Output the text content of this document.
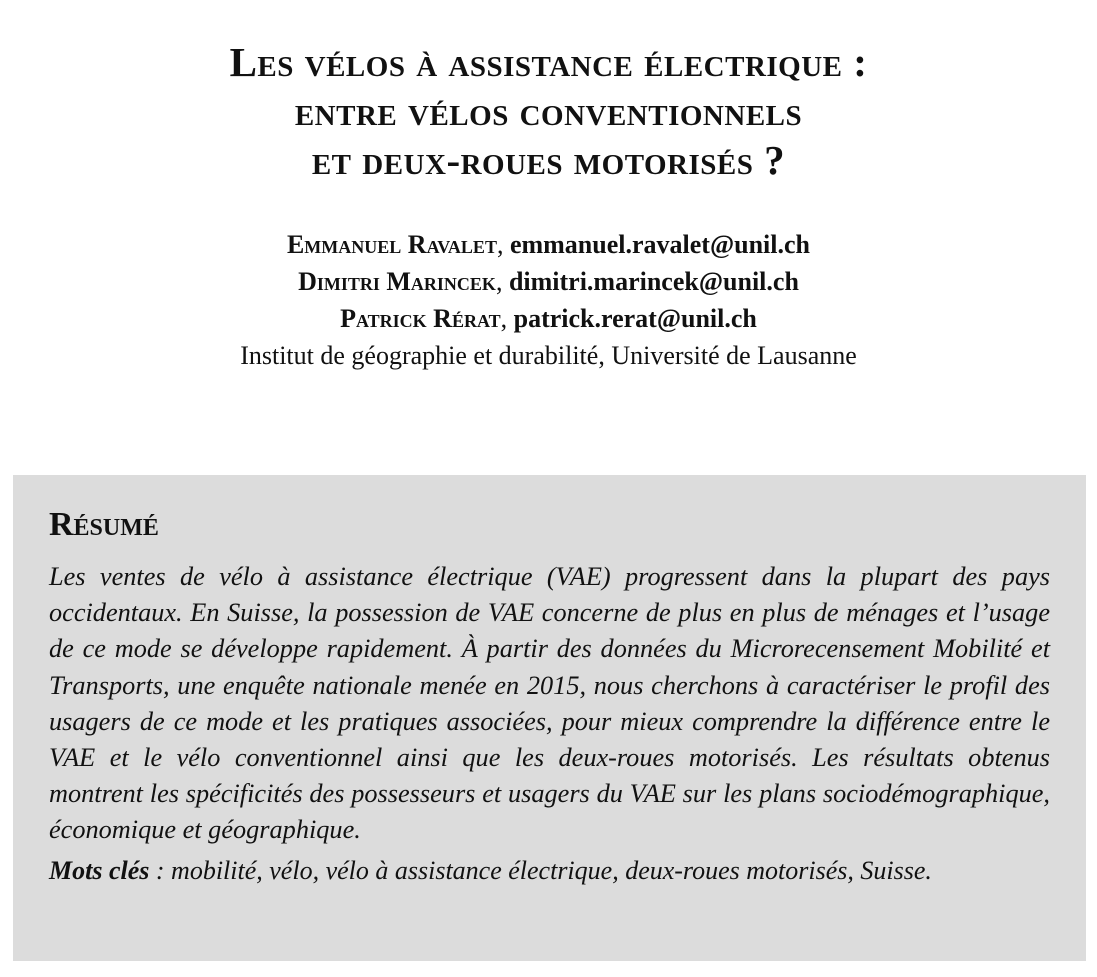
Les vélos à assistance électrique :
entre vélos conventionnels
et deux-roues motorisés ?
Emmanuel Ravalet, emmanuel.ravalet@unil.ch
Dimitri Marincek, dimitri.marincek@unil.ch
Patrick Rérat, patrick.rerat@unil.ch
Institut de géographie et durabilité, Université de Lausanne
Résumé

Les ventes de vélo à assistance électrique (VAE) progressent dans la plupart des pays occidentaux. En Suisse, la possession de VAE concerne de plus en plus de ménages et l’usage de ce mode se développe rapidement. À partir des données du Microrecensement Mobilité et Transports, une enquête nationale menée en 2015, nous cherchons à caractériser le profil des usagers de ce mode et les pratiques associées, pour mieux comprendre la différence entre le VAE et le vélo conventionnel ainsi que les deux-roues motorisés. Les résultats obtenus montrent les spécificités des possesseurs et usagers du VAE sur les plans sociodémographique, économique et géographique.

Mots clés : mobilité, vélo, vélo à assistance électrique, deux-roues motorisés, Suisse.
